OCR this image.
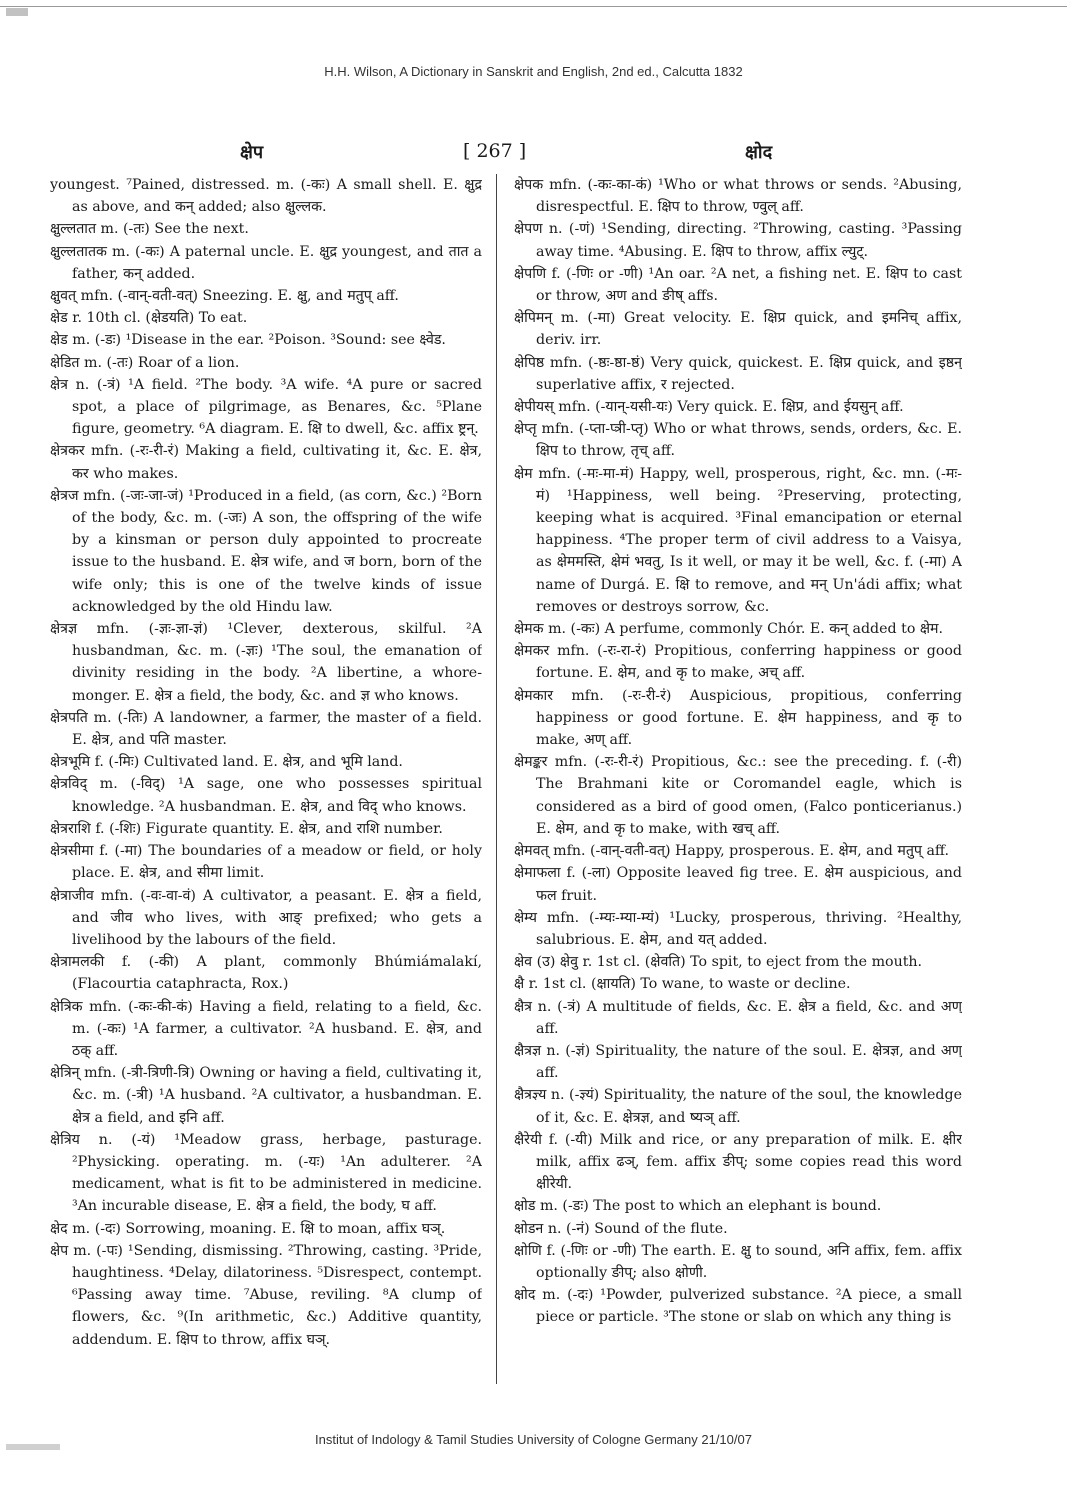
H.H. Wilson, A Dictionary in Sanskrit and English, 2nd ed., Calcutta 1832
क्षेप	[ 267 ]	क्षोद

youngest. ⁷Pained, distressed. m. (-कः) A small shell. E. क्षुद्र as above, and कन् added; also क्षुल्लक.

क्षुल्लतात m. (-तः) See the next.

क्षुल्लतातक m. (-कः) A paternal uncle. E. क्षुद्र youngest, and तात a father, कन् added.

क्षुवत् mfn. (-वान्-वती-वत्) Sneezing. E. क्षु, and मतुप् aff.

क्षेड r. 10th cl. (क्षेडयति) To eat.

क्षेड m. (-डः) ¹Disease in the ear. ²Poison. ³Sound: see क्ष्वेड.

क्षेडित m. (-तः) Roar of a lion.

क्षेत्र n. (-त्रं) ¹A field. ²The body. ³A wife. ⁴A pure or sacred spot, a place of pilgrimage, as Benares, &c. ⁵Plane figure, geometry. ⁶A diagram. E. क्षि to dwell, &c. affix ष्ट्रन्.

क्षेत्रकर mfn. (-रः-री-रं) Making a field, cultivating it, &c. E. क्षेत्र, कर who makes.

क्षेत्रज mfn. (-जः-जा-जं) ¹Produced in a field, (as corn, &c.) ²Born of the body, &c. m. (-जः) A son, the offspring of the wife by a kinsman or person duly appointed to procreate issue to the husband. E. क्षेत्र wife, and ज born, born of the wife only; this is one of the twelve kinds of issue acknowledged by the old Hindu law.

क्षेत्रज्ञ mfn. (-ज्ञः-ज्ञा-ज्ञं) ¹Clever, dexterous, skilful. ²A husbandman, &c. m. (-ज्ञः) ¹The soul, the emanation of divinity residing in the body. ²A libertine, a whore-monger. E. क्षेत्र a field, the body, &c. and ज्ञ who knows.

क्षेत्रपति m. (-तिः) A landowner, a farmer, the master of a field. E. क्षेत्र, and पति master.

क्षेत्रभूमि f. (-मिः) Cultivated land. E. क्षेत्र, and भूमि land.

क्षेत्रविद् m. (-विद्) ¹A sage, one who possesses spiritual knowledge. ²A husbandman. E. क्षेत्र, and विद् who knows.

क्षेत्रराशि f. (-शिः) Figurate quantity. E. क्षेत्र, and राशि number.

क्षेत्रसीमा f. (-मा) The boundaries of a meadow or field, or holy place. E. क्षेत्र, and सीमा limit.

क्षेत्राजीव mfn. (-वः-वा-वं) A cultivator, a peasant. E. क्षेत्र a field, and जीव who lives, with आङ् prefixed; who gets a livelihood by the labours of the field.

क्षेत्रामलकी f. (-की) A plant, commonly Bhúmiámalakí, (Flacourtia cataphracta, Rox.)

क्षेत्रिक mfn. (-कः-की-कं) Having a field, relating to a field, &c. m. (-कः) ¹A farmer, a cultivator. ²A husband. E. क्षेत्र, and ठक् aff.

क्षेत्रिन् mfn. (-त्री-त्रिणी-त्रि) Owning or having a field, cultivating it, &c. m. (-त्री) ¹A husband. ²A cultivator, a husbandman. E. क्षेत्र a field, and इनि aff.

क्षेत्रिय n. (-यं) ¹Meadow grass, herbage, pasturage. ²Physicking. operating. m. (-यः) ¹An adulterer. ²A medicament, what is fit to be administered in medicine. ³An incurable disease, E. क्षेत्र a field, the body, घ aff.

क्षेद m. (-दः) Sorrowing, moaning. E. क्षि to moan, affix घञ्.

क्षेप m. (-पः) ¹Sending, dismissing. ²Throwing, casting. ³Pride, haughtiness. ⁴Delay, dilatoriness. ⁵Disrespect, contempt. ⁶Passing away time. ⁷Abuse, reviling. ⁸A clump of flowers, &c. ⁹(In arithmetic, &c.) Additive quantity, addendum. E. क्षिप to throw, affix घञ्.

क्षेपक mfn. (-कः-का-कं) ¹Who or what throws or sends. ²Abusing, disrespectful. E. क्षिप to throw, ण्वुल् aff.

क्षेपण n. (-णं) ¹Sending, directing. ²Throwing, casting. ³Passing away time. ⁴Abusing. E. क्षिप to throw, affix ल्युट्.

क्षेपणि f. (-णिः or -णी) ¹An oar. ²A net, a fishing net. E. क्षिप to cast or throw, अण and ङीष् affs.

क्षेपिमन् m. (-मा) Great velocity. E. क्षिप्र quick, and इमनिच् affix, deriv. irr.

क्षेपिष्ठ mfn. (-ष्ठः-ष्ठा-ष्ठं) Very quick, quickest. E. क्षिप्र quick, and इष्ठन् superlative affix, र rejected.

क्षेपीयस् mfn. (-यान्-यसी-यः) Very quick. E. क्षिप्र, and ईयसुन् aff.

क्षेप्तृ mfn. (-प्ता-प्त्री-प्तृ) Who or what throws, sends, orders, &c. E. क्षिप to throw, तृच् aff.

क्षेम mfn. (-मः-मा-मं) Happy, well, prosperous, right, &c. mn. (-मः-मं) ¹Happiness, well being. ²Preserving, protecting, keeping what is acquired. ³Final emancipation or eternal happiness. ⁴The proper term of civil address to a Vaisya, as क्षेममस्ति, क्षेमं भवतु, Is it well, or may it be well, &c. f. (-मा) A name of Durgá. E. क्षि to remove, and मन् Un'ádi affix; what removes or destroys sorrow, &c.

क्षेमक m. (-कः) A perfume, commonly Chór. E. कन् added to क्षेम.

क्षेमकर mfn. (-रः-रा-रं) Propitious, conferring happiness or good fortune. E. क्षेम, and कृ to make, अच् aff.

क्षेमकार mfn. (-रः-री-रं) Auspicious, propitious, conferring happiness or good fortune. E. क्षेम happiness, and कृ to make, अण् aff.

क्षेमङ्कर mfn. (-रः-री-रं) Propitious, &c.: see the preceding. f. (-री) The Brahmani kite or Coromandel eagle, which is considered as a bird of good omen, (Falco ponticerianus.) E. क्षेम, and कृ to make, with खच् aff.

क्षेमवत् mfn. (-वान्-वती-वत्) Happy, prosperous. E. क्षेम, and मतुप् aff.

क्षेमाफला f. (-ला) Opposite leaved fig tree. E. क्षेम auspicious, and फल fruit.

क्षेम्य mfn. (-म्यः-म्या-म्यं) ¹Lucky, prosperous, thriving. ²Healthy, salubrious. E. क्षेम, and यत् added.

क्षेव (उ) क्षेवु r. 1st cl. (क्षेवति) To spit, to eject from the mouth.

क्षै r. 1st cl. (क्षायति) To wane, to waste or decline.

क्षैत्र n. (-त्रं) A multitude of fields, &c. E. क्षेत्र a field, &c. and अण् aff.

क्षैत्रज्ञ n. (-ज्ञं) Spirituality, the nature of the soul. E. क्षेत्रज्ञ, and अण् aff.

क्षैत्रज्ञ्य n. (-ज्ञ्यं) Spirituality, the nature of the soul, the knowledge of it, &c. E. क्षेत्रज्ञ, and ष्यञ् aff.

क्षैरेयी f. (-यी) Milk and rice, or any preparation of milk. E. क्षीर milk, affix ढञ्, fem. affix ङीप्; some copies read this word क्षीरेयी.

क्षोड m. (-डः) The post to which an elephant is bound.

क्षोडन n. (-नं) Sound of the flute.

क्षोणि f. (-णिः or -णी) The earth. E. क्षु to sound, अनि affix, fem. affix optionally ङीप्; also क्षोणी.

क्षोद m. (-दः) ¹Powder, pulverized substance. ²A piece, a small piece or particle. ³The stone or slab on which any thing is

Institut of Indology & Tamil Studies University of Cologne Germany 21/10/07
